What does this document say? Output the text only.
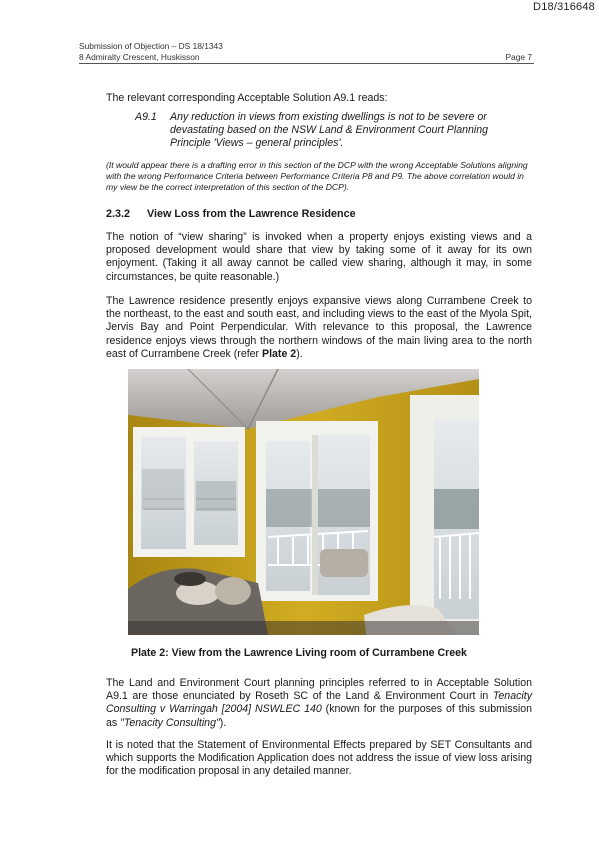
D18/316648
Submission of Objection – DS 18/1343
8 Admiralty Crescent, Huskisson	Page 7
The relevant corresponding Acceptable Solution A9.1 reads:
A9.1 Any reduction in views from existing dwellings is not to be severe or devastating based on the NSW Land & Environment Court Planning Principle 'Views – general principles'.
(It would appear there is a drafting error in this section of the DCP with the wrong Acceptable Solutions aligning with the wrong Performance Criteria between Performance Criteria P8 and P9. The above correlation would in my view be the correct interpretation of this section of the DCP).
2.3.2 View Loss from the Lawrence Residence
The notion of “view sharing” is invoked when a property enjoys existing views and a proposed development would share that view by taking some of it away for its own enjoyment. (Taking it all away cannot be called view sharing, although it may, in some circumstances, be quite reasonable.)
The Lawrence residence presently enjoys expansive views along Currambene Creek to the northeast, to the east and south east, and including views to the east of the Myola Spit, Jervis Bay and Point Perpendicular. With relevance to this proposal, the Lawrence residence enjoys views through the northern windows of the main living area to the north east of Currambene Creek (refer Plate 2).
Plate 2: View from the Lawrence Living room of Currambene Creek
The Land and Environment Court planning principles referred to in Acceptable Solution A9.1 are those enunciated by Roseth SC of the Land & Environment Court in Tenacity Consulting v Warringah [2004] NSWLEC 140 (known for the purposes of this submission as "Tenacity Consulting").
It is noted that the Statement of Environmental Effects prepared by SET Consultants and which supports the Modification Application does not address the issue of view loss arising for the modification proposal in any detailed manner.
